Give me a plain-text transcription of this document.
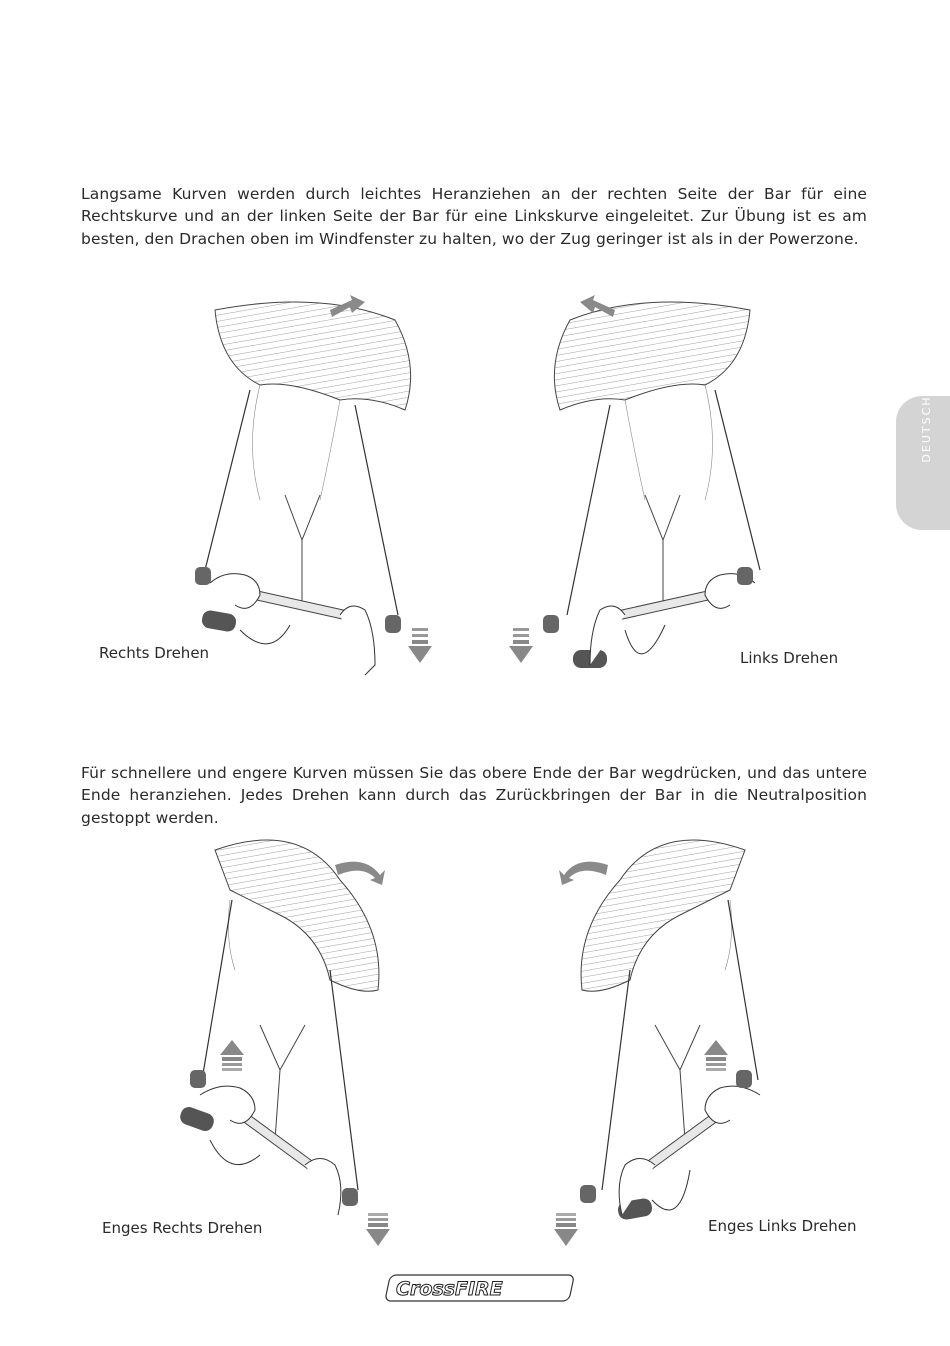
DEUTSCH

Langsame Kurven werden durch leichtes Heranziehen an der rechten Seite der Bar für eine Rechtskurve und an der linken Seite der Bar für eine Linkskurve eingeleitet. Zur Übung ist es am besten, den Drachen oben im Windfenster zu halten, wo der Zug geringer ist als in der Powerzone.

Rechts Drehen	Links Drehen

Für schnellere und engere Kurven müssen Sie das obere Ende der Bar wegdrücken, und das untere Ende heranziehen. Jedes Drehen kann durch das Zurückbringen der Bar in die Neutralposition gestoppt werden.

Enges Rechts Drehen	Enges Links Drehen
CrossFIRE
